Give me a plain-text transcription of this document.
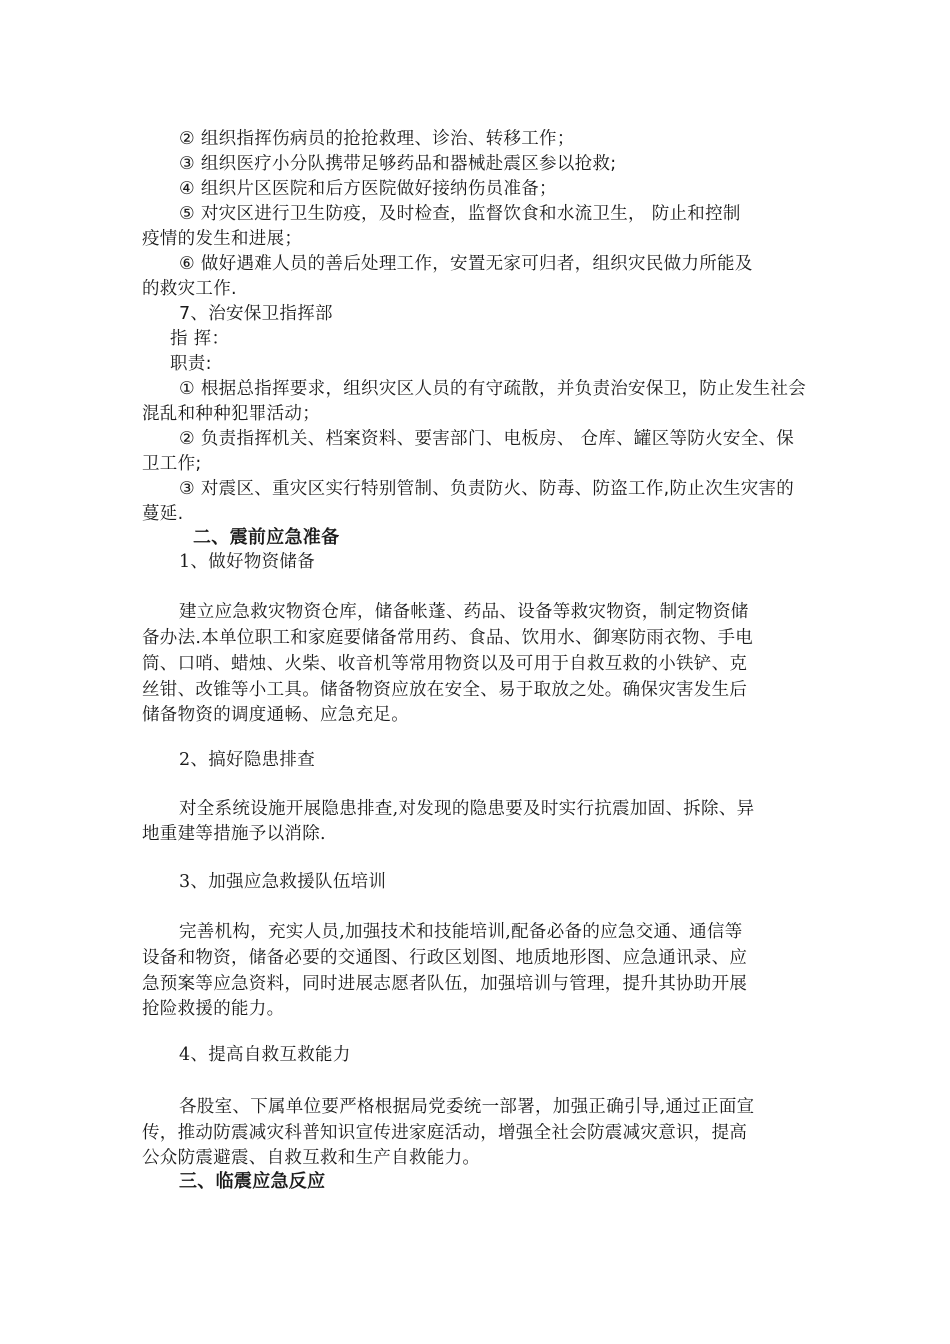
② 组织指挥伤病员的抢抢救理、诊治、转移工作；
③ 组织医疗小分队携带足够药品和器械赴震区参以抢救;
④ 组织片区医院和后方医院做好接纳伤员准备；
⑤ 对灾区进行卫生防疫，及时检查，监督饮食和水流卫生， 防止和控制
疫情的发生和进展；
⑥ 做好遇难人员的善后处理工作，安置无家可归者，组织灾民做力所能及
的救灾工作.
7、治安保卫指挥部
指 挥：
职责:
① 根据总指挥要求，组织灾区人员的有守疏散，并负责治安保卫，防止发生社会
混乱和种种犯罪活动；
② 负责指挥机关、档案资料、要害部门、电板房、 仓库、罐区等防火安全、保
卫工作;
③ 对震区、重灾区实行特别管制、负责防火、防毒、防盗工作,防止次生灾害的
蔓延.
二、震前应急准备
1、做好物资储备
建立应急救灾物资仓库，储备帐蓬、药品、设备等救灾物资，制定物资储
备办法.本单位职工和家庭要储备常用药、食品、饮用水、御寒防雨衣物、手电
筒、口哨、蜡烛、火柴、收音机等常用物资以及可用于自救互救的小铁铲、克
丝钳、改锥等小工具。储备物资应放在安全、易于取放之处。确保灾害发生后
储备物资的调度通畅、应急充足。
2、搞好隐患排查
对全系统设施开展隐患排查,对发现的隐患要及时实行抗震加固、拆除、异
地重建等措施予以消除.
3、加强应急救援队伍培训
完善机构，充实人员,加强技术和技能培训,配备必备的应急交通、通信等
设备和物资，储备必要的交通图、行政区划图、地质地形图、应急通讯录、应
急预案等应急资料，同时进展志愿者队伍，加强培训与管理，提升其协助开展
抢险救援的能力。
4、提高自救互救能力
各股室、下属单位要严格根据局党委统一部署，加强正确引导,通过正面宣
传，推动防震减灾科普知识宣传进家庭活动，增强全社会防震减灾意识，提高
公众防震避震、自救互救和生产自救能力。
三、临震应急反应
